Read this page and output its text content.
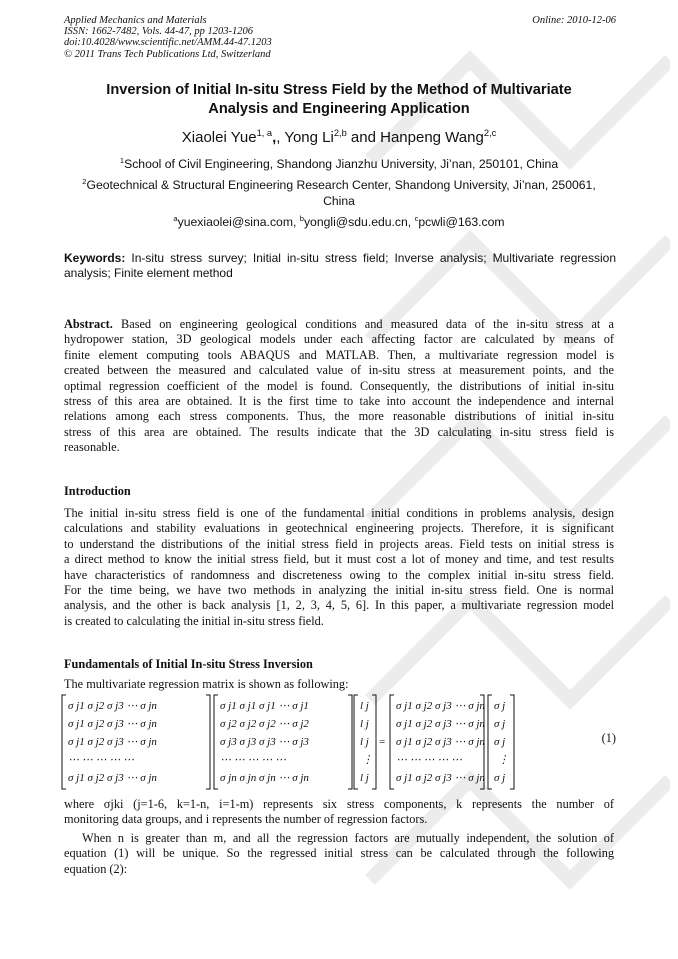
Applied Mechanics and Materials
ISSN: 1662-7482, Vols. 44-47, pp 1203-1206
doi:10.4028/www.scientific.net/AMM.44-47.1203
© 2011 Trans Tech Publications Ltd, Switzerland
Online: 2010-12-06
Inversion of Initial In-situ Stress Field by the Method of Multivariate
Analysis and Engineering Application
Xiaolei Yue$^{1, a}$,, Yong Li$^{2,b}$ and Hanpeng Wang$^{2,c}$
$^1$School of Civil Engineering, Shandong Jianzhu University, Ji’nan, 250101, China
$^2$Geotechnical & Structural Engineering Research Center, Shandong University, Ji’nan, 250061,
China
$^a$yuexiaolei@sina.com, $^b$yongli@sdu.edu.cn, $^c$pcwli@163.com
Keywords: In-situ stress survey; Initial in-situ stress field; Inverse analysis; Multivariate regression
analysis; Finite element method
Abstract. Based on engineering geological conditions and measured data of the in-situ stress at a
hydropower station, 3D geological models under each affecting factor are calculated by means of
finite element computing tools ABAQUS and MATLAB. Then, a multivariate regression model is
created between the measured and calculated value of in-situ stress at measurement points, and the
optimal regression coefficient of the model is found. Consequently, the distributions of initial in-situ
stress of this area are obtained. It is the first time to take into account the independence and internal
relations among each stress components. Thus, the more reasonable distributions of initial in-situ
stress of this area are obtained. The results indicate that the 3D calculating in-situ stress field is
reasonable.
Introduction
The initial in-situ stress field is one of the fundamental initial conditions in problems analysis, design
calculations and stability evaluations in geotechnical engineering projects. Therefore, it is significant
to understand the distributions of the initial stress field in projects areas. Field tests on initial stress is
a direct method to know the initial stress field, but it must cost a lot of money and time, and test results
have characteristics of randomness and discreteness owing to the complex initial in-situ stress field.
For the time being, we have two methods in analyzing the initial in-situ stress field. One is normal
analysis, and the other is back analysis [1, 2, 3, 4, 5, 6]. In this paper, a multivariate regression model
is created to calculating the initial in-situ stress field.
Fundamentals of Initial In-situ Stress Inversion
The multivariate regression matrix is shown as following:
σ j1 σ j2 σ j3 ⋯ σ jn
σ j1 σ j2 σ j3 ⋯ σ jn
σ j1 σ j2 σ j3 ⋯ σ jn
⋯ ⋯ ⋯ ⋯ ⋯
σ j1 σ j2 σ j3 ⋯ σ jn
σ j1 σ j1 σ j1 ⋯ σ j1
σ j2 σ j2 σ j2 ⋯ σ j2
σ j3 σ j3 σ j3 ⋯ σ j3
⋯ ⋯ ⋯ ⋯ ⋯
σ jn σ jn σ jn ⋯ σ jn
l j
l j
l j
⋮
l j
=
σ j1 σ j2 σ j3 ⋯ σ jn
σ j1 σ j2 σ j3 ⋯ σ jn
σ j1 σ j2 σ j3 ⋯ σ jn
⋯ ⋯ ⋯ ⋯ ⋯
σ j1 σ j2 σ j3 ⋯ σ jn
σ j
σ j
σ j
⋮
σ j
(1)
where σjki (j=1-6, k=1-n, i=1-m) represents six stress components, k represents the number of
monitoring data groups, and i represents the number of regression factors.
When n is greater than m, and all the regression factors are mutually independent, the solution of
equation (1) will be unique. So the regressed initial stress can be calculated through the following
equation (2):
